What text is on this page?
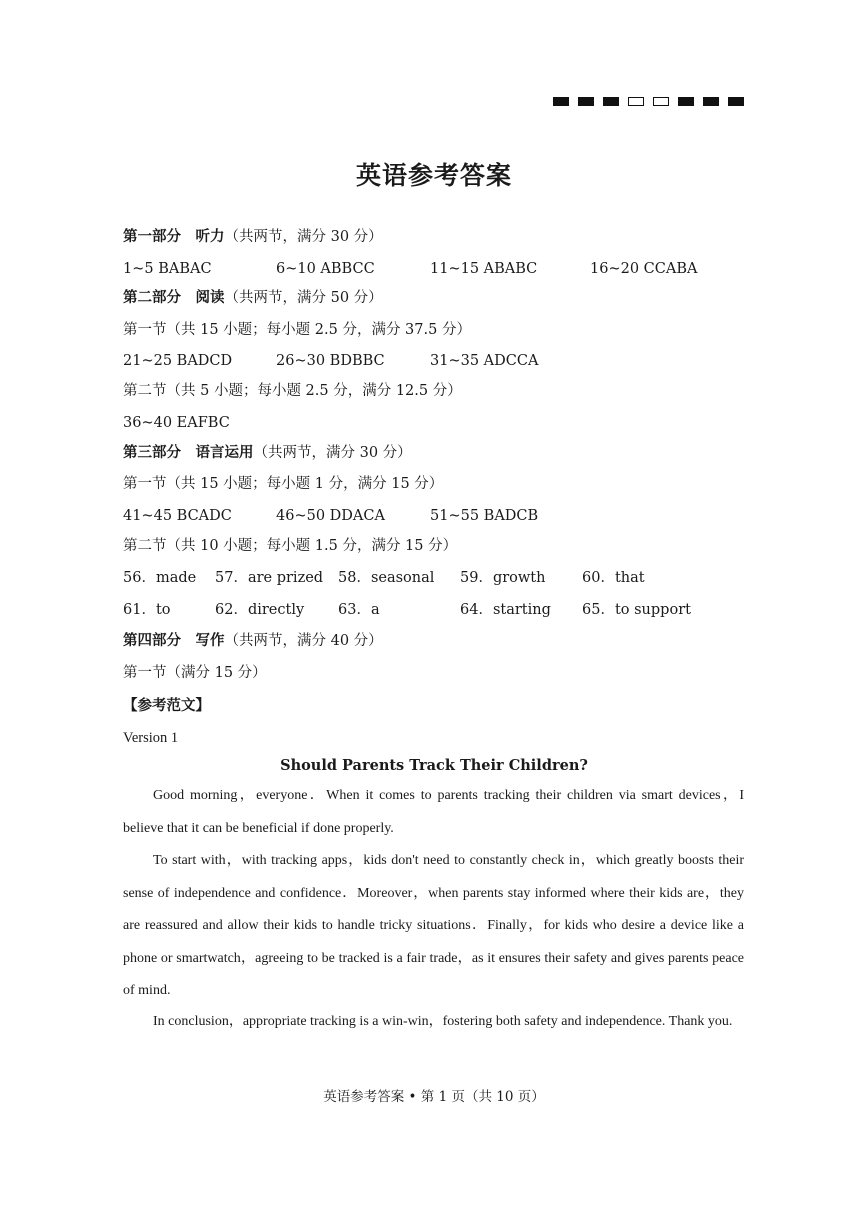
英语参考答案
第一部分　听力（共两节，满分 30 分）
1~5 BABAC	6~10 ABBCC	11~15 ABABC	16~20 CCABA
第二部分　阅读（共两节，满分 50 分）
第一节（共 15 小题；每小题 2.5 分，满分 37.5 分）
21~25 BADCD	26~30 BDBBC	31~35 ADCCA
第二节（共 5 小题；每小题 2.5 分，满分 12.5 分）
36~40 EAFBC
第三部分　语言运用（共两节，满分 30 分）
第一节（共 15 小题；每小题 1 分，满分 15 分）
41~45 BCADC	46~50 DDACA	51~55 BADCB
第二节（共 10 小题；每小题 1.5 分，满分 15 分）
56．made 57．are prized 58．seasonal 59．growth	60．that
61．to	62．directly 63．a	64．starting 65．to support
第四部分　写作（共两节，满分 40 分）
第一节（满分 15 分）
【参考范文】
Version 1
Should Parents Track Their Children?
Good morning，everyone．When it comes to parents tracking their children via smart devices，I believe that it can be beneficial if done properly.
To start with，with tracking apps，kids don't need to constantly check in，which greatly boosts their sense of independence and confidence．Moreover，when parents stay informed where their kids are，they are reassured and allow their kids to handle tricky situations．Finally，for kids who desire a device like a phone or smartwatch，agreeing to be tracked is a fair trade，as it ensures their safety and gives parents peace of mind.
In conclusion，appropriate tracking is a win-win，fostering both safety and independence. Thank you.
英语参考答案 • 第 1 页（共 10 页）
